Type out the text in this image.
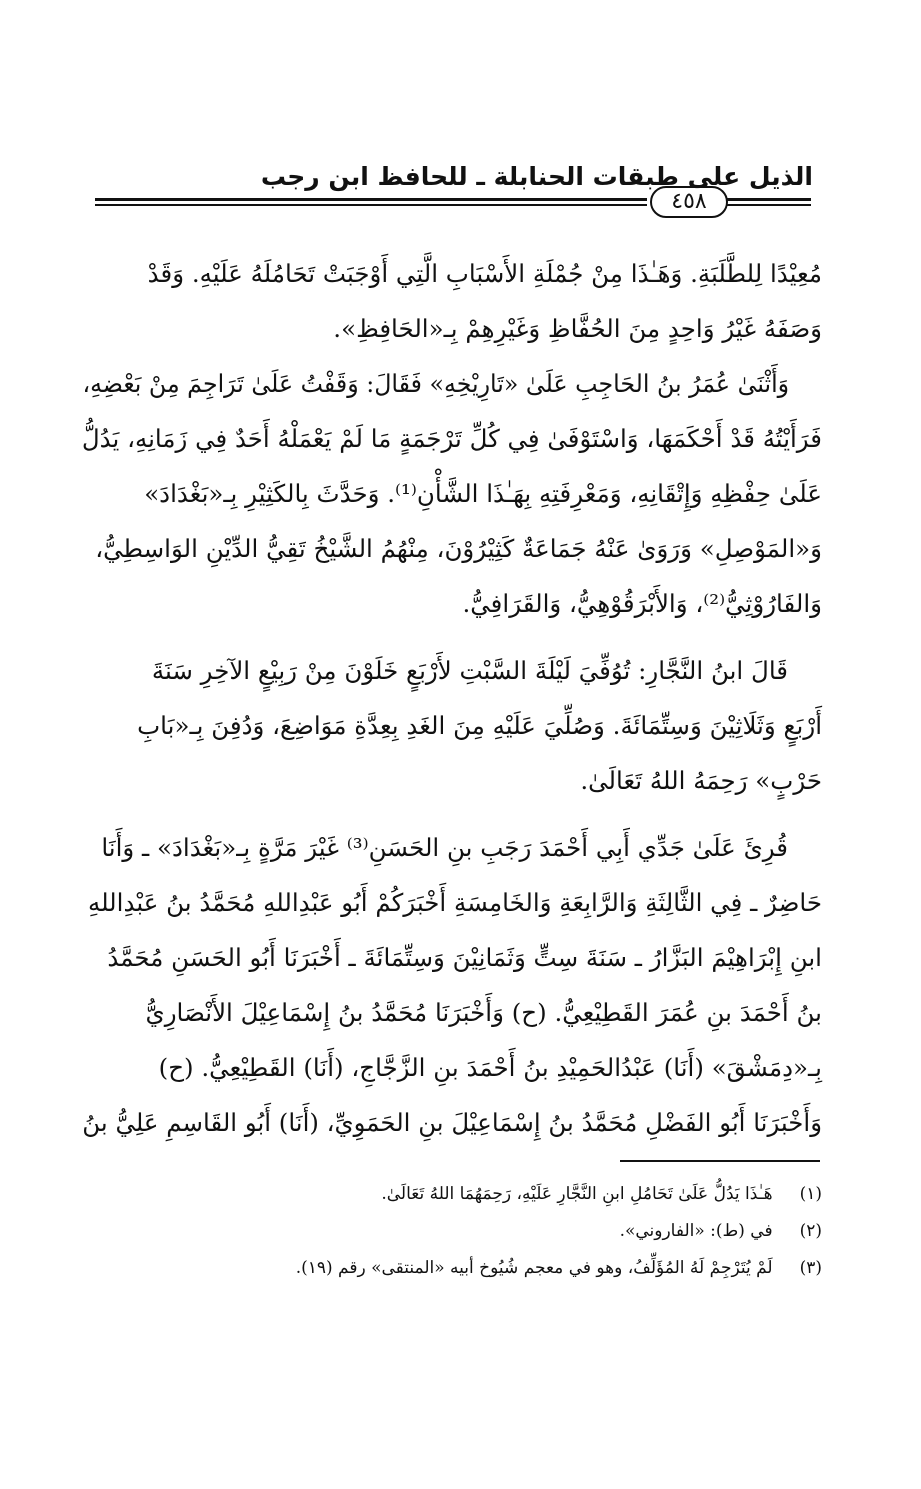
الذيل على طبقات الحنابلة ـ للحافظ ابن رجب
٤٥٨
مُعِيْدًا لِلطَّلَبَةِ. وَهَـٰذَا مِنْ جُمْلَةِ الأَسْبَابِ الَّتِي أَوْجَبَتْ تَحَامُلَهُ عَلَيْهِ. وَقَدْ
وَصَفَهُ غَيْرُ وَاحِدٍ مِنَ الحُفَّاظِ وَغَيْرِهِمْ بِـ«الحَافِظِ».
وَأَثْنَىٰ عُمَرُ بنُ الحَاجِبِ عَلَىٰ «تَارِيْخِهِ» فَقَالَ: وَقَفْتُ عَلَىٰ تَرَاجِمَ مِنْ بَعْضِهِ،
فَرَأَيْتُهُ قَدْ أَحْكَمَهَا، وَاسْتَوْفَىٰ فِي كُلِّ تَرْجَمَةٍ مَا لَمْ يَعْمَلْهُ أَحَدٌ فِي زَمَانِهِ، يَدُلُّ
عَلَىٰ حِفْظِهِ وَإِتْقَانِهِ، وَمَعْرِفَتِهِ بِهَـٰذَا الشَّأْنِ⁽¹⁾. وَحَدَّثَ بِالكَثِيْرِ بِـ«بَغْدَادَ»
وَ«المَوْصِلِ» وَرَوَىٰ عَنْهُ جَمَاعَةٌ كَثِيْرُوْنَ، مِنْهُمُ الشَّيْخُ تَقِيُّ الدِّيْنِ الوَاسِطِيُّ،
وَالفَارُوْثِيُّ⁽²⁾، وَالأَبْرَقُوْهِيُّ، وَالقَرَافِيُّ.
قَالَ ابنُ النَّجَّارِ: تُوُفِّيَ لَيْلَةَ السَّبْتِ لأَرْبَعٍ خَلَوْنَ مِنْ رَبِيْعٍ الآخِرِ سَنَةَ
أَرْبَعٍ وَثَلَاثِيْنَ وَسِتِّمَائَةَ. وَصُلِّيَ عَلَيْهِ مِنَ الغَدِ بِعِدَّةِ مَوَاضِعَ، وَدُفِنَ بِـ«بَابِ
حَرْبٍ» رَحِمَهُ اللهُ تَعَالَىٰ.
قُرِئَ عَلَىٰ جَدِّي أَبِي أَحْمَدَ رَجَبِ بنِ الحَسَنِ⁽³⁾ غَيْرَ مَرَّةٍ بِـ«بَغْدَادَ» ـ وَأَنَا
حَاضِرٌ ـ فِي الثَّالِثَةِ وَالرَّابِعَةِ وَالخَامِسَةِ أَخْبَرَكُمْ أَبُو عَبْدِاللهِ مُحَمَّدُ بنُ عَبْدِاللهِ
ابنِ إِبْرَاهِيْمَ البَزَّارُ ـ سَنَةَ سِتٍّ وَثَمَانِيْنَ وَسِتِّمَائَةَ ـ أَخْبَرَنَا أَبُو الحَسَنِ مُحَمَّدُ
بنُ أَحْمَدَ بنِ عُمَرَ القَطِيْعِيُّ. (ح) وَأَخْبَرَنَا مُحَمَّدُ بنُ إِسْمَاعِيْلَ الأَنْصَارِيُّ
بِـ«دِمَشْقَ» (أَنَا) عَبْدُالحَمِيْدِ بنُ أَحْمَدَ بنِ الزَّجَّاجِ، (أَنَا) القَطِيْعِيُّ. (ح)
وَأَخْبَرَنَا أَبُو الفَضْلِ مُحَمَّدُ بنُ إِسْمَاعِيْلَ بنِ الحَمَوِيِّ، (أَنَا) أَبُو القَاسِمِ عَلِيُّ بنُ
(١) هَـٰذَا يَدُلُّ عَلَىٰ تَحَامُلِ ابنِ النَّجَّارِ عَلَيْهِ، رَحِمَهُمَا اللهُ تَعَالَىٰ.
(٢) في (ط): «الفاروني».
(٣) لَمْ يُتَرْجِمْ لَهُ المُؤَلِّفُ، وهو في معجم شُيُوخ أبيه «المنتقى» رقم (١٩).
